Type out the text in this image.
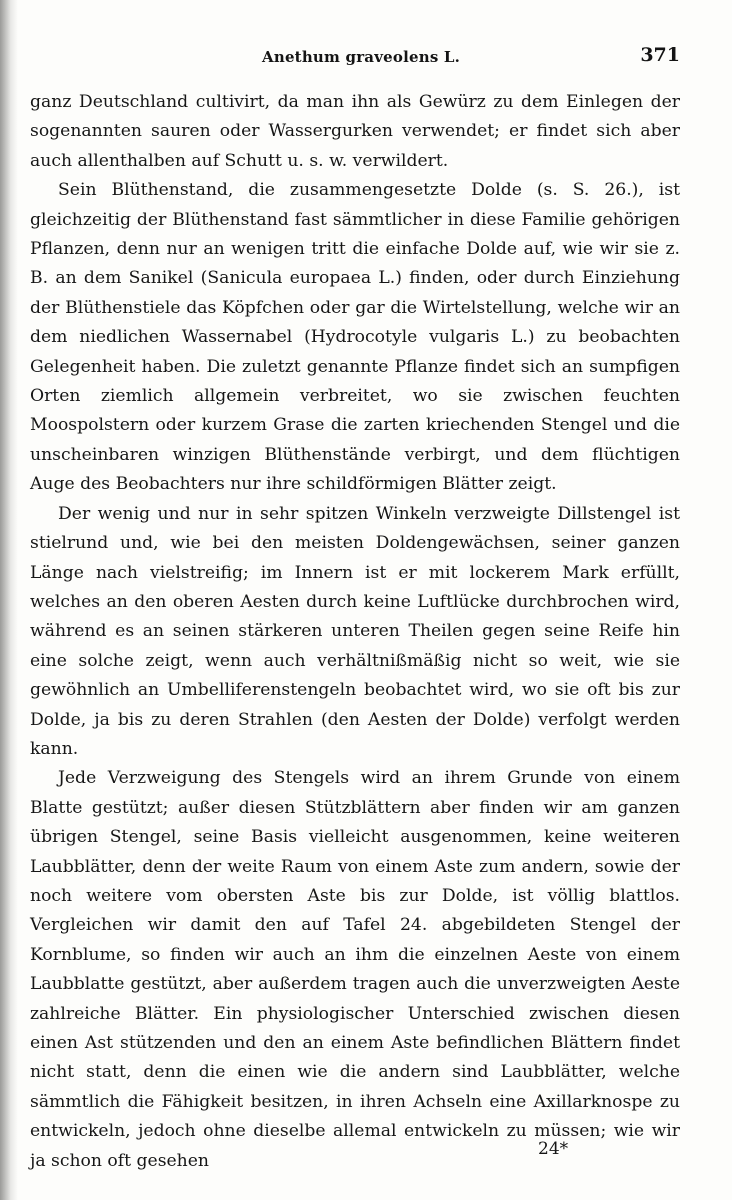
Anethum graveolens L.	371

ganz Deutschland cultivirt, da man ihn als Gewürz zu dem Einlegen der sogenannten sauren oder Wassergurken verwendet; er findet sich aber auch allenthalben auf Schutt u. s. w. verwildert.

Sein Blüthenstand, die zusammengesetzte Dolde (s. S. 26.), ist gleichzeitig der Blüthenstand fast sämmtlicher in diese Familie gehörigen Pflanzen, denn nur an wenigen tritt die einfache Dolde auf, wie wir sie z. B. an dem Sanikel (Sanicula europaea L.) finden, oder durch Einziehung der Blüthenstiele das Köpfchen oder gar die Wirtelstellung, welche wir an dem niedlichen Wassernabel (Hydrocotyle vulgaris L.) zu beobachten Gelegenheit haben. Die zuletzt genannte Pflanze findet sich an sumpfigen Orten ziemlich allgemein verbreitet, wo sie zwischen feuchten Moospolstern oder kurzem Grase die zarten kriechenden Stengel und die unscheinbaren winzigen Blüthenstände verbirgt, und dem flüchtigen Auge des Beobachters nur ihre schildförmigen Blätter zeigt.

Der wenig und nur in sehr spitzen Winkeln verzweigte Dillstengel ist stielrund und, wie bei den meisten Doldengewächsen, seiner ganzen Länge nach vielstreifig; im Innern ist er mit lockerem Mark erfüllt, welches an den oberen Aesten durch keine Luftlücke durchbrochen wird, während es an seinen stärkeren unteren Theilen gegen seine Reife hin eine solche zeigt, wenn auch verhältnißmäßig nicht so weit, wie sie gewöhnlich an Umbelliferenstengeln beobachtet wird, wo sie oft bis zur Dolde, ja bis zu deren Strahlen (den Aesten der Dolde) verfolgt werden kann.

Jede Verzweigung des Stengels wird an ihrem Grunde von einem Blatte gestützt; außer diesen Stützblättern aber finden wir am ganzen übrigen Stengel, seine Basis vielleicht ausgenommen, keine weiteren Laubblätter, denn der weite Raum von einem Aste zum andern, sowie der noch weitere vom obersten Aste bis zur Dolde, ist völlig blattlos. Vergleichen wir damit den auf Tafel 24. abgebildeten Stengel der Kornblume, so finden wir auch an ihm die einzelnen Aeste von einem Laubblatte gestützt, aber außerdem tragen auch die unverzweigten Aeste zahlreiche Blätter. Ein physiologischer Unterschied zwischen diesen einen Ast stützenden und den an einem Aste befindlichen Blättern findet nicht statt, denn die einen wie die andern sind Laubblätter, welche sämmtlich die Fähigkeit besitzen, in ihren Achseln eine Axillarknospe zu entwickeln, jedoch ohne dieselbe allemal entwickeln zu müssen; wie wir ja schon oft gesehen

24*
